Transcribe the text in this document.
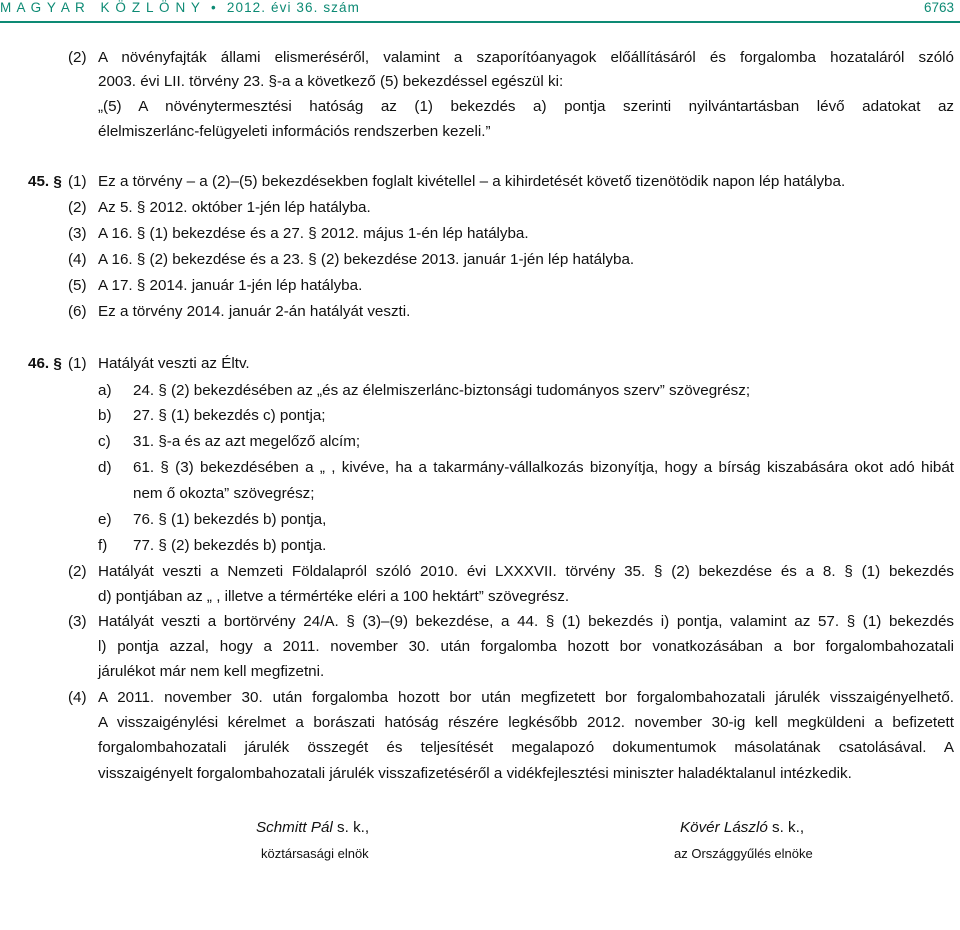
M A G Y A R   K Ö Z L Ö N Y • 2012. évi 36. szám	6763
(2) A növényfajták állami elismeréséről, valamint a szaporítóanyagok előállításáról és forgalomba hozataláról szóló
2003. évi LII. törvény 23. §-a a következő (5) bekezdéssel egészül ki:
„(5) A növénytermesztési hatóság az (1) bekezdés a) pontja szerinti nyilvántartásban lévő adatokat az
élelmiszerlánc-felügyeleti információs rendszerben kezeli.”
45. § (1) Ez a törvény – a (2)–(5) bekezdésekben foglalt kivétellel – a kihirdetését követő tizenötödik napon lép hatályba.
(2) Az 5. § 2012. október 1-jén lép hatályba.
(3) A 16. § (1) bekezdése és a 27. § 2012. május 1-én lép hatályba.
(4) A 16. § (2) bekezdése és a 23. § (2) bekezdése 2013. január 1-jén lép hatályba.
(5) A 17. § 2014. január 1-jén lép hatályba.
(6) Ez a törvény 2014. január 2-án hatályát veszti.
46. § (1) Hatályát veszti az Éltv.
a) 24. § (2) bekezdésében az „és az élelmiszerlánc-biztonsági tudományos szerv” szövegrész;
b) 27. § (1) bekezdés c) pontja;
c) 31. §-a és az azt megelőző alcím;
d) 61. § (3) bekezdésében a „ , kivéve, ha a takarmány-vállalkozás bizonyítja, hogy a bírság kiszabására okot adó hibát
nem ő okozta” szövegrész;
e) 76. § (1) bekezdés b) pontja,
f) 77. § (2) bekezdés b) pontja.
(2) Hatályát veszti a Nemzeti Földalapról szóló 2010. évi LXXXVII. törvény 35. § (2) bekezdése és a 8. § (1) bekezdés
d) pontjában az „ , illetve a térmértéke eléri a 100 hektárt” szövegrész.
(3) Hatályát veszti a bortörvény 24/A. § (3)–(9) bekezdése, a 44. § (1) bekezdés i) pontja, valamint az 57. § (1) bekezdés
l) pontja azzal, hogy a 2011. november 30. után forgalomba hozott bor vonatkozásában a bor forgalombahozatali
járulékot már nem kell megfizetni.
(4) A 2011. november 30. után forgalomba hozott bor után megfizetett bor forgalombahozatali járulék visszaigényelhető.
A visszaigénylési kérelmet a borászati hatóság részére legkésőbb 2012. november 30-ig kell megküldeni a befizetett
forgalombahozatali járulék összegét és teljesítését megalapozó dokumentumok másolatának csatolásával. A
visszaigényelt forgalombahozatali járulék visszafizetéséről a vidékfejlesztési miniszter haladéktalanul intézkedik.
Schmitt Pál s. k.,
köztársasági elnök
Kövér László s. k.,
az Országgyűlés elnöke
